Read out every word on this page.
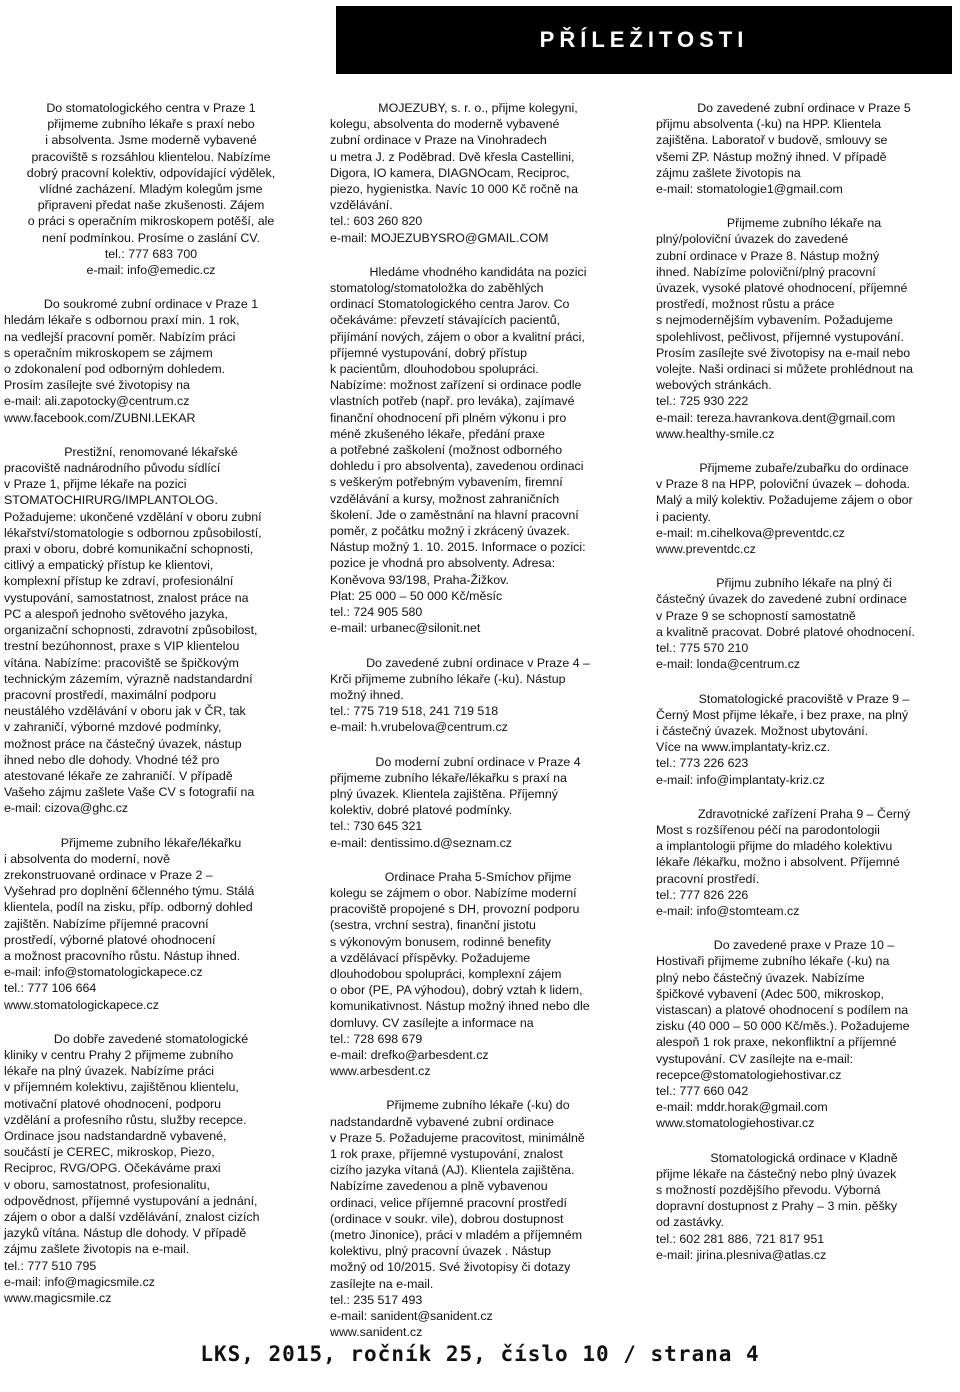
PŘÍLEŽITOSTI
Do stomatologického centra v Praze 1
přijmeme zubního lékaře s praxí nebo
i absolventa. Jsme moderně vybavené
pracoviště s rozsáhlou klientelou. Nabízíme
dobrý pracovní kolektiv, odpovídající výdělek,
vlídné zacházení. Mladým kolegům jsme
připraveni předat naše zkušenosti. Zájem
o práci s operačním mikroskopem potěší, ale
není podmínkou. Prosíme o zaslání CV.
tel.: 777 683 700
e-mail: info@emedic.cz
Do soukromé zubní ordinace v Praze 1
hledám lékaře s odbornou praxí min. 1 rok,
na vedlejší pracovní poměr. Nabízím práci
s operačním mikroskopem se zájmem
o zdokonalení pod odborným dohledem.
Prosím zasílejte své životopisy na
e-mail: ali.zapotocky@centrum.cz
www.facebook.com/ZUBNI.LEKAR
Prestižní, renomované lékařské
pracoviště nadnárodního původu sídlící
v Praze 1, přijme lékaře na pozici
STOMATOCHIRURG/IMPLANTOLOG.
Požadujeme: ukončené vzdělání v oboru zubní
lékařství/stomatologie s odbornou způsobilostí,
praxi v oboru, dobré komunikační schopnosti,
citlivý a empatický přístup ke klientovi,
komplexní přístup ke zdraví, profesionální
vystupování, samostatnost, znalost práce na
PC a alespoň jednoho světového jazyka,
organizační schopnosti, zdravotní způsobilost,
trestní bezúhonnost, praxe s VIP klientelou
vítána. Nabízíme: pracoviště se špičkovým
technickým zázemím, výrazně nadstandardní
pracovní prostředí, maximální podporu
neustálého vzdělávání v oboru jak v ČR, tak
v zahraničí, výborné mzdové podmínky,
možnost práce na částečný úvazek, nástup
ihned nebo dle dohody. Vhodné též pro
atestované lékaře ze zahraničí. V případě
Vašeho zájmu zašlete Vaše CV s fotografií na
e-mail: cizova@ghc.cz
Přijmeme zubního lékaře/lékařku
i absolventa do moderní, nově
zrekonstruované ordinace v Praze 2 –
Vyšehrad pro doplnění 6členného týmu. Stálá
klientela, podíl na zisku, příp. odborný dohled
zajištěn. Nabízíme příjemné pracovní
prostředí, výborné platové ohodnocení
a možnost pracovního růstu. Nástup ihned.
e-mail: info@stomatologickapece.cz
tel.: 777 106 664
www.stomatologickapece.cz
Do dobře zavedené stomatologické
kliniky v centru Prahy 2 přijmeme zubního
lékaře na plný úvazek. Nabízíme práci
v příjemném kolektivu, zajištěnou klientelu,
motivační platové ohodnocení, podporu
vzdělání a profesního růstu, služby recepce.
Ordinace jsou nadstandardně vybavené,
součástí je CEREC, mikroskop, Piezo,
Reciproc, RVG/OPG. Očekáváme praxi
v oboru, samostatnost, profesionalitu,
odpovědnost, příjemné vystupování a jednání,
zájem o obor a další vzdělávání, znalost cizích
jazyků vítána. Nástup dle dohody. V případě
zájmu zašlete životopis na e-mail.
tel.: 777 510 795
e-mail: info@magicsmile.cz
www.magicsmile.cz
MOJEZUBY, s. r. o., přijme kolegyni,
kolegu, absolventa do moderně vybavené
zubní ordinace v Praze na Vinohradech
u metra J. z Poděbrad. Dvě křesla Castellini,
Digora, IO kamera, DIAGNOcam, Reciproc,
piezo, hygienistka. Navíc 10 000 Kč ročně na
vzdělávání.
tel.: 603 260 820
e-mail: MOJEZUBYSRO@GMAIL.COM
Hledáme vhodného kandidáta na pozici
stomatolog/stomatoložka do zaběhlých
ordinací Stomatologického centra Jarov. Co
očekáváme: převzetí stávajících pacientů,
přijímání nových, zájem o obor a kvalitní práci,
příjemné vystupování, dobrý přístup
k pacientům, dlouhodobou spolupráci.
Nabízíme: možnost zařízení si ordinace podle
vlastních potřeb (např. pro leváka), zajímavé
finanční ohodnocení při plném výkonu i pro
méně zkušeného lékaře, předání praxe
a potřebné zaškolení (možnost odborného
dohledu i pro absolventa), zavedenou ordinaci
s veškerým potřebným vybavením, firemní
vzdělávání a kursy, možnost zahraničních
školení. Jde o zaměstnání na hlavní pracovní
poměr, z počátku možný i zkrácený úvazek.
Nástup možný 1. 10. 2015. Informace o pozici:
pozice je vhodná pro absolventy. Adresa:
Koněvova 93/198, Praha-Žižkov.
Plat: 25 000 – 50 000 Kč/měsíc
tel.: 724 905 580
e-mail: urbanec@silonit.net
Do zavedené zubní ordinace v Praze 4 –
Krči přijmeme zubního lékaře (-ku). Nástup
možný ihned.
tel.: 775 719 518, 241 719 518
e-mail: h.vrubelova@centrum.cz
Do moderní zubní ordinace v Praze 4
přijmeme zubního lékaře/lékařku s praxí na
plný úvazek. Klientela zajištěna. Příjemný
kolektiv, dobré platové podmínky.
tel.: 730 645 321
e-mail: dentissimo.d@seznam.cz
Ordinace Praha 5-Smíchov přijme
kolegu se zájmem o obor. Nabízíme moderní
pracoviště propojené s DH, provozní podporu
(sestra, vrchní sestra), finanční jistotu
s výkonovým bonusem, rodinné benefity
a vzdělávací příspěvky. Požadujeme
dlouhodobou spolupráci, komplexní zájem
o obor (PE, PA výhodou), dobrý vztah k lidem,
komunikativnost. Nástup možný ihned nebo dle
domluvy. CV zasílejte a informace na
tel.: 728 698 679
e-mail: drefko@arbesdent.cz
www.arbesdent.cz
Přijmeme zubního lékaře (-ku) do
nadstandardně vybavené zubní ordinace
v Praze 5. Požadujeme pracovitost, minimálně
1 rok praxe, příjemné vystupování, znalost
cizího jazyka vítaná (AJ). Klientela zajištěna.
Nabízíme zavedenou a plně vybavenou
ordinaci, velice příjemné pracovní prostředí
(ordinace v soukr. vile), dobrou dostupnost
(metro Jinonice), práci v mladém a příjemném
kolektivu, plný pracovní úvazek . Nástup
možný od 10/2015. Své životopisy či dotazy
zasílejte na e-mail.
tel.: 235 517 493
e-mail: sanident@sanident.cz
www.sanident.cz
Do zavedené zubní ordinace v Praze 5
přijmu absolventa (-ku) na HPP. Klientela
zajištěna. Laboratoř v budově, smlouvy se
všemi ZP. Nástup možný ihned. V případě
zájmu zašlete životopis na
e-mail: stomatologie1@gmail.com
Přijmeme zubního lékaře na
plný/poloviční úvazek do zavedené
zubní ordinace v Praze 8. Nástup možný
ihned. Nabízíme poloviční/plný pracovní
úvazek, vysoké platové ohodnocení, příjemné
prostředí, možnost růstu a práce
s nejmodernějším vybavením. Požadujeme
spolehlivost, pečlivost, příjemné vystupování.
Prosím zasílejte své životopisy na e-mail nebo
volejte. Naši ordinaci si můžete prohlédnout na
webových stránkách.
tel.: 725 930 222
e-mail: tereza.havrankova.dent@gmail.com
www.healthy-smile.cz
Přijmeme zubaře/zubařku do ordinace
v Praze 8 na HPP, poloviční úvazek – dohoda.
Malý a milý kolektiv. Požadujeme zájem o obor
i pacienty.
e-mail: m.cihelkova@preventdc.cz
www.preventdc.cz
Přijmu zubního lékaře na plný či
částečný úvazek do zavedené zubní ordinace
v Praze 9 se schopností samostatně
a kvalitně pracovat. Dobré platové ohodnocení.
tel.: 775 570 210
e-mail: londa@centrum.cz
Stomatologické pracoviště v Praze 9 –
Černý Most přijme lékaře, i bez praxe, na plný
i částečný úvazek. Možnost ubytování.
Více na www.implantaty-kriz.cz.
tel.: 773 226 623
e-mail: info@implantaty-kriz.cz
Zdravotnické zařízení Praha 9 – Černý
Most s rozšířenou péčí na parodontologii
a implantologii přijme do mladého kolektivu
lékaře /lékařku, možno i absolvent. Příjemné
pracovní prostředí.
tel.: 777 826 226
e-mail: info@stomteam.cz
Do zavedené praxe v Praze 10 –
Hostivaři přijmeme zubního lékaře (-ku) na
plný nebo částečný úvazek. Nabízíme
špičkové vybavení (Adec 500, mikroskop,
vistascan) a platové ohodnocení s podílem na
zisku (40 000 – 50 000 Kč/měs.). Požadujeme
alespoň 1 rok praxe, nekonfliktní a příjemné
vystupování. CV zasílejte na e-mail:
recepce@stomatologiehostivar.cz
tel.: 777 660 042
e-mail: mddr.horak@gmail.com
www.stomatologiehostivar.cz
Stomatologická ordinace v Kladně
přijme lékaře na částečný nebo plný úvazek
s možností pozdějšího převodu. Výborná
dopravní dostupnost z Prahy – 3 min. pěšky
od zastávky.
tel.: 602 281 886, 721 817 951
e-mail: jirina.plesniva@atlas.cz
LKS, 2015, ročník 25, číslo 10 / strana 4
